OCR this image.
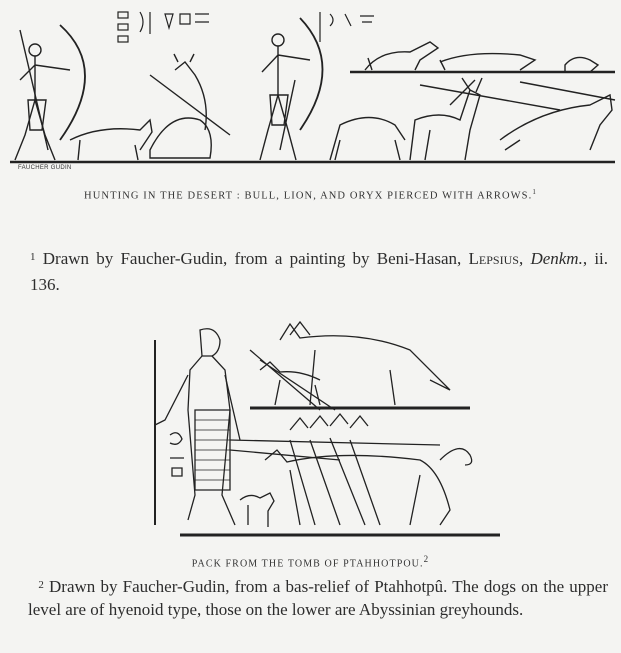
FAUCHER GUDIN
HUNTING IN THE DESERT : BULL, LION, AND ORYX PIERCED WITH ARROWS.$^1$
$^1$ Drawn by Faucher-Gudin, from a painting by Beni-Hasan, Lepsius, Denkm., ii. 136.
PACK FROM THE TOMB OF PTAHHOTPOU.$^2$
$^2$ Drawn by Faucher-Gudin, from a bas-relief of Ptahhotpû. The dogs on the upper level are of hyenoid type, those on the lower are Abyssinian greyhounds.
